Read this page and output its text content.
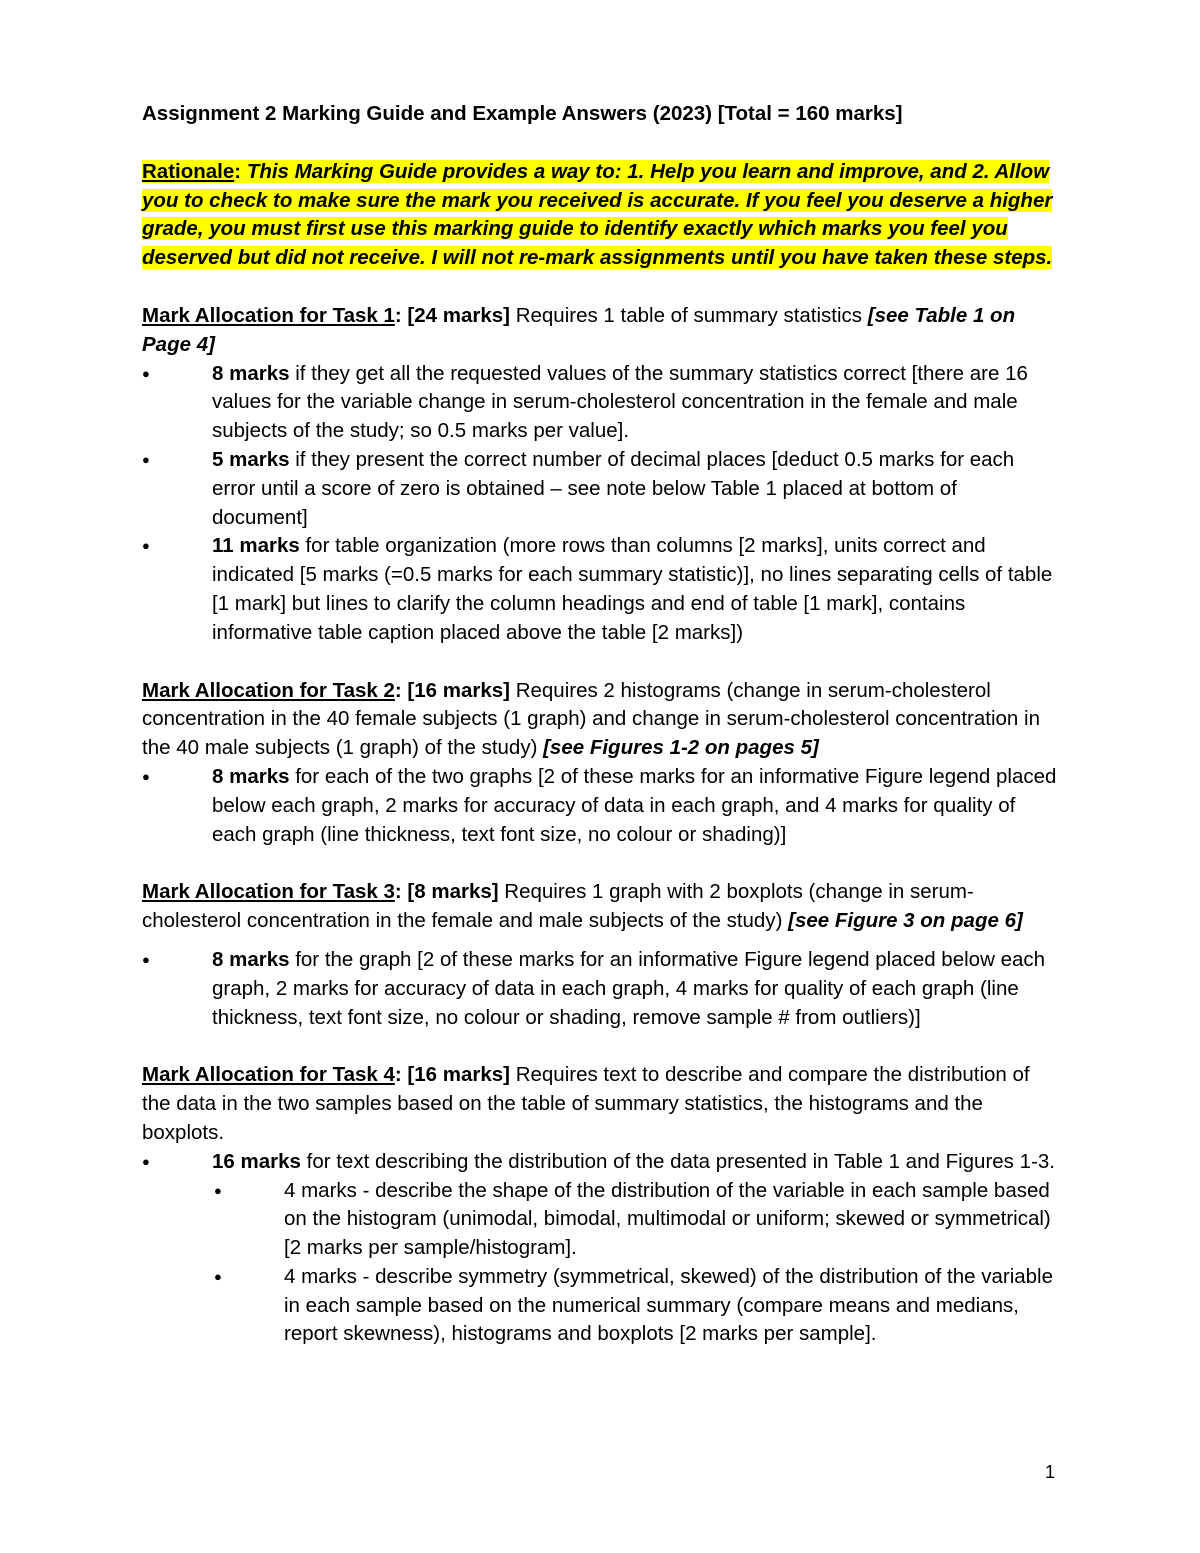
Assignment 2 Marking Guide and Example Answers (2023) [Total = 160 marks]

Rationale: This Marking Guide provides a way to: 1. Help you learn and improve, and 2. Allow

you to check to make sure the mark you received is accurate. If you feel you deserve a higher

grade, you must first use this marking guide to identify exactly which marks you feel you

deserved but did not receive. I will not re-mark assignments until you have taken these steps.

Mark Allocation for Task 1: [24 marks] Requires 1 table of summary statistics [see Table 1 on Page 4]

● 8 marks if they get all the requested values of the summary statistics correct [there are 16 values for the variable change in serum-cholesterol concentration in the female and male subjects of the study; so 0.5 marks per value].

● 5 marks if they present the correct number of decimal places [deduct 0.5 marks for each error until a score of zero is obtained – see note below Table 1 placed at bottom of document]

● 11 marks for table organization (more rows than columns [2 marks], units correct and indicated [5 marks (=0.5 marks for each summary statistic)], no lines separating cells of table [1 mark] but lines to clarify the column headings and end of table [1 mark], contains informative table caption placed above the table [2 marks])

Mark Allocation for Task 2: [16 marks] Requires 2 histograms (change in serum-cholesterol concentration in the 40 female subjects (1 graph) and change in serum-cholesterol concentration in the 40 male subjects (1 graph) of the study) [see Figures 1-2 on pages 5]

● 8 marks for each of the two graphs [2 of these marks for an informative Figure legend placed below each graph, 2 marks for accuracy of data in each graph, and 4 marks for quality of each graph (line thickness, text font size, no colour or shading)]

Mark Allocation for Task 3: [8 marks] Requires 1 graph with 2 boxplots (change in serum-cholesterol concentration in the female and male subjects of the study) [see Figure 3 on page 6]

● 8 marks for the graph [2 of these marks for an informative Figure legend placed below each graph, 2 marks for accuracy of data in each graph, 4 marks for quality of each graph (line thickness, text font size, no colour or shading, remove sample # from outliers)]

Mark Allocation for Task 4: [16 marks] Requires text to describe and compare the distribution of the data in the two samples based on the table of summary statistics, the histograms and the boxplots.

● 16 marks for text describing the distribution of the data presented in Table 1 and Figures 1-3.

● 4 marks - describe the shape of the distribution of the variable in each sample based on the histogram (unimodal, bimodal, multimodal or uniform; skewed or symmetrical) [2 marks per sample/histogram].

● 4 marks - describe symmetry (symmetrical, skewed) of the distribution of the variable in each sample based on the numerical summary (compare means and medians, report skewness), histograms and boxplots [2 marks per sample].

1
